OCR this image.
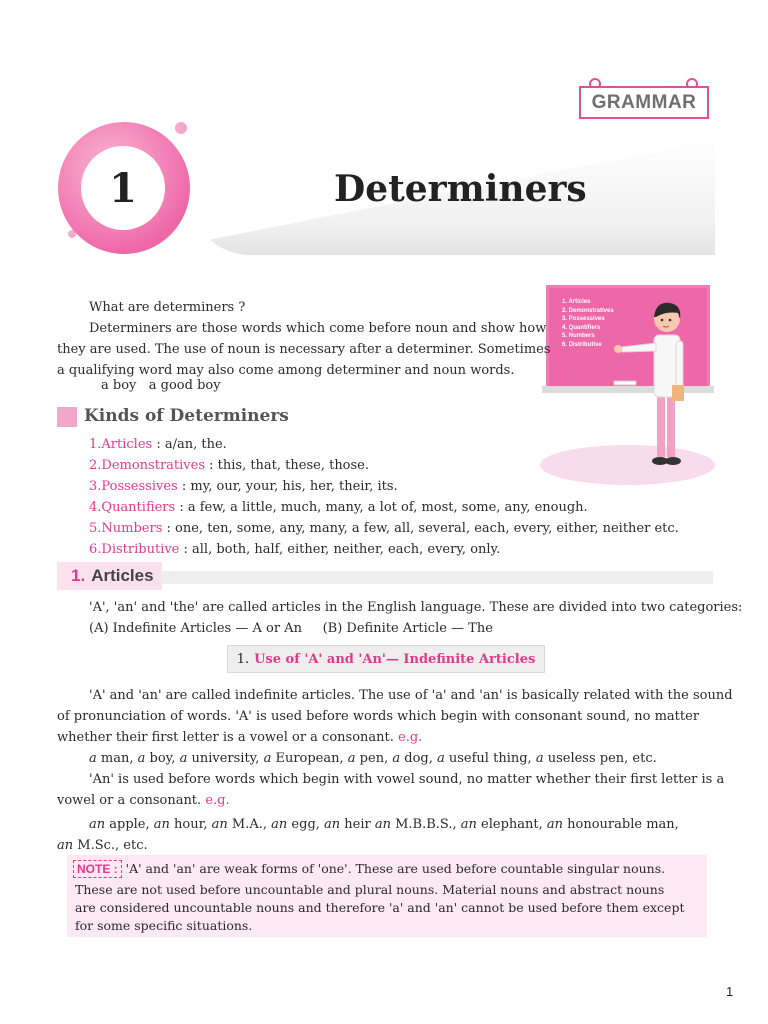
GRAMMAR
1	Determiners
1. Articles
2. Demonstratives
3. Possessives
4. Quantifiers
5. Numbers
6. Distributive
What are determiners ?
Determiners are those words which come before noun and show how
they are used. The use of noun is necessary after a determiner. Sometimes
a qualifying word may also come among determiner and noun words.
a boy   a good boy
Kinds of Determiners
1.Articles : a/an, the.
2.Demonstratives : this, that, these, those.
3.Possessives : my, our, your, his, her, their, its.
4.Quantifiers : a few, a little, much, many, a lot of, most, some, any, enough.
5.Numbers : one, ten, some, any, many, a few, all, several, each, every, either, neither etc.
6.Distributive : all, both, half, either, neither, each, every, only.
1. Articles
'A', 'an' and 'the' are called articles in the English language. These are divided into two categories:
(A) Indefinite Articles — A or An     (B) Definite Article — The
1. Use of 'A' and 'An'— Indefinite Articles
'A' and 'an' are called indefinite articles. The use of 'a' and 'an' is basically related with the sound
of pronunciation of words. 'A' is used before words which begin with consonant sound, no matter
whether their first letter is a vowel or a consonant. e.g.
a man, a boy, a university, a European, a pen, a dog, a useful thing, a useless pen, etc.
'An' is used before words which begin with vowel sound, no matter whether their first letter is a
vowel or a consonant. e.g.
an apple, an hour, an M.A., an egg, an heir an M.B.B.S., an elephant, an honourable man,
an M.Sc., etc.
NOTE : 'A' and 'an' are weak forms of 'one'. These are used before countable singular nouns.
These are not used before uncountable and plural nouns. Material nouns and abstract nouns
are considered uncountable nouns and therefore 'a' and 'an' cannot be used before them except
for some specific situations.
1
